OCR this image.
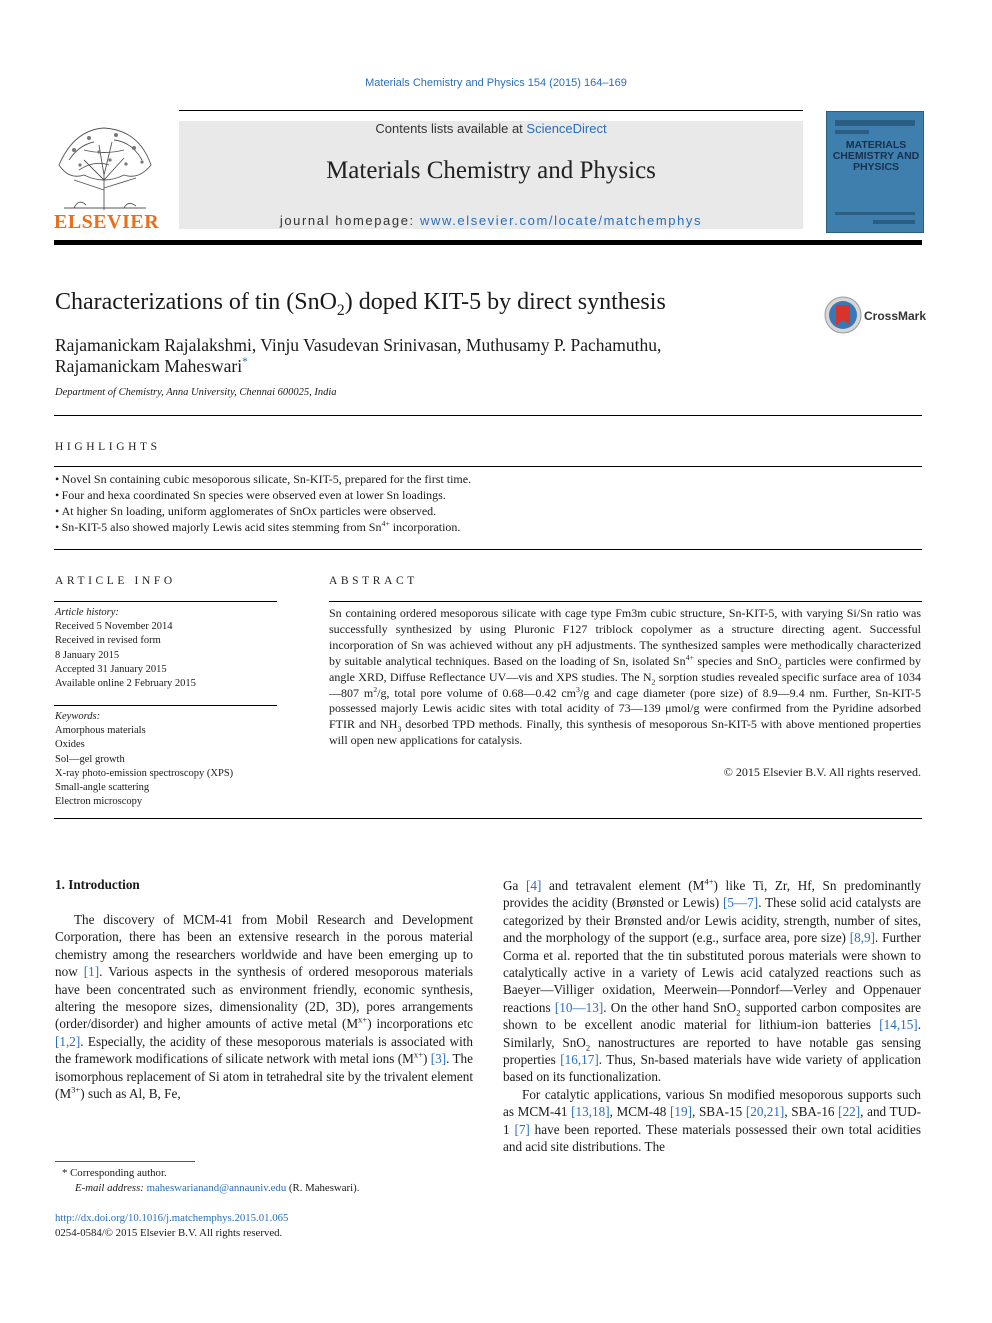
Materials Chemistry and Physics 154 (2015) 164–169
ELSEVIER
Contents lists available at ScienceDirect
Materials Chemistry and Physics
journal homepage: www.elsevier.com/locate/matchemphys
MATERIALS CHEMISTRY AND PHYSICS
Characterizations of tin (SnO$_2$) doped KIT-5 by direct synthesis
CrossMark
Rajamanickam Rajalakshmi, Vinju Vasudevan Srinivasan, Muthusamy P. Pachamuthu,
Rajamanickam Maheswari*
Department of Chemistry, Anna University, Chennai 600025, India
HIGHLIGHTS
• Novel Sn containing cubic mesoporous silicate, Sn-KIT-5, prepared for the first time.
• Four and hexa coordinated Sn species were observed even at lower Sn loadings.
• At higher Sn loading, uniform agglomerates of SnOx particles were observed.
• Sn-KIT-5 also showed majorly Lewis acid sites stemming from $Sn^{4+}$ incorporation.
ARTICLE INFO
Article history:
Received 5 November 2014
Received in revised form
8 January 2015
Accepted 31 January 2015
Available online 2 February 2015
Keywords:
Amorphous materials
Oxides
Sol—gel growth
X-ray photo-emission spectroscopy (XPS)
Small-angle scattering
Electron microscopy
ABSTRACT
Sn containing ordered mesoporous silicate with cage type Fm3m cubic structure, Sn-KIT-5, with varying Si/Sn ratio was successfully synthesized by using Pluronic F127 triblock copolymer as a structure directing agent. Successful incorporation of Sn was achieved without any pH adjustments. The synthesized samples were methodically characterized by suitable analytical techniques. Based on the loading of Sn, isolated $Sn^{4+}$ species and SnO$_2$ particles were confirmed by angle XRD, Diffuse Reflectance UV—vis and XPS studies. The $N_2$ sorption studies revealed specific surface area of 1034—807 $m^2/g$, total pore volume of 0.68—0.42 $cm^3/g$ and cage diameter (pore size) of 8.9—9.4 nm. Further, Sn-KIT-5 possessed majorly Lewis acidic sites with total acidity of 73—139 μmol/g were confirmed from the Pyridine adsorbed FTIR and $NH_3$ desorbed TPD methods. Finally, this synthesis of mesoporous Sn-KIT-5 with above mentioned properties will open new applications for catalysis.
© 2015 Elsevier B.V. All rights reserved.
1. Introduction

The discovery of MCM-41 from Mobil Research and Development Corporation, there has been an extensive research in the porous material chemistry among the researchers worldwide and have been emerging up to now [1]. Various aspects in the synthesis of ordered mesoporous materials have been concentrated such as environment friendly, economic synthesis, altering the mesopore sizes, dimensionality (2D, 3D), pores arrangements (order/disorder) and higher amounts of active metal $(M^{x+})$ incorporations etc [1,2]. Especially, the acidity of these mesoporous materials is associated with the framework modifications of silicate network with metal ions $(M^{x+})$ [3]. The isomorphous replacement of Si atom in tetrahedral site by the trivalent element $(M^{3+})$ such as Al, B, Fe,

Ga [4] and tetravalent element $(M^{4+})$ like Ti, Zr, Hf, Sn predominantly provides the acidity (Brønsted or Lewis) [5—7]. These solid acid catalysts are categorized by their Brønsted and/or Lewis acidity, strength, number of sites, and the morphology of the support (e.g., surface area, pore size) [8,9]. Further Corma et al. reported that the tin substituted porous materials were shown to catalytically active in a variety of Lewis acid catalyzed reactions such as Baeyer—Villiger oxidation, Meerwein—Ponndorf—Verley and Oppenauer reactions [10—13]. On the other hand SnO$_2$ supported carbon composites are shown to be excellent anodic material for lithium-ion batteries [14,15]. Similarly, SnO$_2$ nanostructures are reported to have notable gas sensing properties [16,17]. Thus, Sn-based materials have wide variety of application based on its functionalization.

For catalytic applications, various Sn modified mesoporous supports such as MCM-41 [13,18], MCM-48 [19], SBA-15 [20,21], SBA-16 [22], and TUD-1 [7] have been reported. These materials possessed their own total acidities and acid site distributions. The

* Corresponding author.
E-mail address: maheswarianand@annauniv.edu (R. Maheswari).
http://dx.doi.org/10.1016/j.matchemphys.2015.01.065
0254-0584/© 2015 Elsevier B.V. All rights reserved.
